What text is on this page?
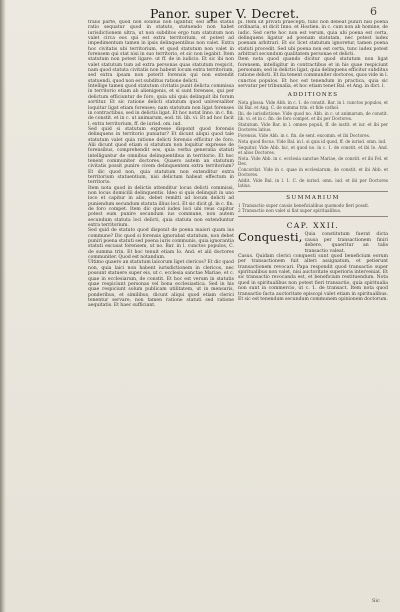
Panor. super V. Decret.	6

tralis parte, quod non solidus non ligantur, sed alius status ratio sequatur quod in statuto, statuendo non habet iurisdictionem ultra, ut non subditos ergo tum statutum non valet circa eos qui est extra territorium, et potest ad impedimentum tamen in ipsis delinquentibus non valet. Extra hoc civitatis ubi territorium, et quod statutum non valet in forensem qui stat nisi in suo territorio, et sic non legabit. Item statutum non potest ligare. ut ff. de in iudicio. Et sic ibi non valet statutum tum ad extra personas quas statutum respicit, nam quod statuta civitatis non habent locum extra territorium, sed extra ipsam non poterit forensis qui non extendit statuendi, quod non est subditus ratione delicti.

Intellige tamen quod statutum civitatis punit delicta commissa in territorio etiam ab alienigenis, et si sunt forenses, qui per delictum efficiuntur de foro, quia ubi quis delinquit ibi forum sortitur. Et sic ratione delicti statutum quod universaliter loquitur ligat etiam forenses; nam statutum non ligat forenses in contractibus, sed in delictis ligat. Et hoc notat Inno. in c. fin. de constit. et in c. ut animarum, eod. tit. lib. vi. Et ad hoc facit l. extra territorium, ff. de iurisd. om. iud.

Sed quid si statutum expresse disponit quod forensis delinquens in territorio puniatur? Et dicunt aliqui quod tale statutum valet quia ratione delicti forensis efficitur de foro. Alii dicunt quod etiam si statutum non loquitur expresse de forensibus, comprehendit eos, quia verba generalia statuti intelliguntur de omnibus delinquentibus in territorio. Et hoc tenent communiter doctores. Quaero autem an statutum civitatis possit punire civem delinquentem extra territorium? Et dic quod non, quia statutum non extenditur extra territorium statuentium, nisi delictum habeat effectum in territorio.

Item nota quod in delictis attenditur locus delicti commissi, non locus domicilii delinquentis. Ideo si quis delinquit in uno loco et capitur in alio, debet remitti ad locum delicti ad puniendum secundum statuta illius loci. Et sic dicit gl. in c. fin. de foro compet. Item dic quod iudex loci ubi reus capitur potest eum punire secundum ius commune, non autem secundum statuta loci delicti, quia statuta non extenduntur extra territorium.

Sed quid de statuto quod disponit de poena maiori quam ius commune? Dic quod si forensis ignorabat statutum, non debet puniri poena statuti sed poena iuris communis, quia ignorantia statuti excusat forensem, ut no. Bar. in l. cunctos populos, C. de summa trin. Et hoc tenuit etiam Io. And. et alii doctores communiter. Quod est notandum.

Ultimo quaero an statutum laicorum liget clericos? Et dic quod non, quia laici non habent iurisdictionem in clericos, nec possunt statuere super eis, ut c. ecclesia sanctae Mariae, et c. quae in ecclesiarum, de constit. Et hoc est verum in statutis quae respiciunt personas vel bona ecclesiastica. Sed in his quae respiciunt solum publicam utilitatem, ut in mensuris, ponderibus, et similibus, dicunt aliqui quod etiam clerici tenentur servare, non tamen ratione statuti sed ratione aequitatis. Et haec sufficiant.

pi. Item sit privati praecepti, tunc non debeat puniri nisi poena ordinaria, ut dicit Inno. et Hostien. in c. cum non ab homine, de iudic. Sed certe hoc non est verum, quia ubi poena est certa, delinquens ligatur ad poenam statutam, nec potest iudex poenam arbitrari. Et sic licet statutum ignoretur, tamen poena statuti procedit. Sed ubi poena non est certa, tunc iudex potest arbitrari secundum qualitatem personae et delicti.

Item nota quod quando dicitur quod statutum non ligat forensem, intelligitur in contractibus et in his quae respiciunt personam; sed in delictis ligat, quia delinquens efficitur subditus ratione delicti. Et ita tenent communiter doctores, quos vide in l. cunctos populos. Et hoc est tenendum in practica, quia sic servatur per tribunalia, et hoc etiam tenet Bal. et Ang. in dict. l.

ADDITIONES

Nota glossa. Vide Abb. in c. 1. de constit. Bar. in l. cunctos populos, et ibi Bal. et Ang. C. de summa trin. et fide cathol.

Ibi, de iurisdictione. Vide quod no. Abb. in c. ut animarum, de constit. lib. vi. et in c. fin. de foro compet. et ibi per Doctores.

Statutum. Vide Bar. in l. omnes populi, ff. de iustit. et iur. et ibi per Doctores latius.

Forensis. Vide Abb. in c. fin. de sent. excomm. et ibi Doctores.

Nota quod fiscus. Vide Bal. in l. si quis id quod, ff. de iurisd. omn. iud.

Sequitur. Vide Abb. hic, et quod no. in c. 1. de constit. et ibi Io. And. et alios Doctores.

Nota. Vide Abb. in c. ecclesia sanctae Mariae, de constit. et ibi Fel. et Dec.

Concordat. Vide in c. quae in ecclesiarum, de constit. et ibi Abb. et Doctores.

Addit. Vide Bal. in l. 1. C. de iurisd. omn. iud. et ibi per Doctores latius.

SUMMARIUM

1 Transactio super causis beneficialibus quomodo fieri possit.

2 Transactio non valet si fiat super spiritualibus.

CAP. XXII.
Conquesti, Quia constitutum fuerat dicta causa per transactionem finiri debere, quaeritur an talis transactio valeat.

Casus. Quidam clerici conquesti sunt quod beneficium eorum per transactionem fuit alteri assignatum, et petierunt transactionem revocari. Papa respondit quod transactio super spiritualibus non valet, nisi auctoritate superioris interveniat. Et sic transactio revocanda est, et beneficium restituendum. Nota quod in spiritualibus non potest fieri transactio, quia spiritualia non sunt in commercio, ut c. 1. de transact. Item nota quod transactio facta auctoritate episcopi valet etiam in spiritualibus. Et sic est tenendum secundum communem opinionem doctorum.

Sic
